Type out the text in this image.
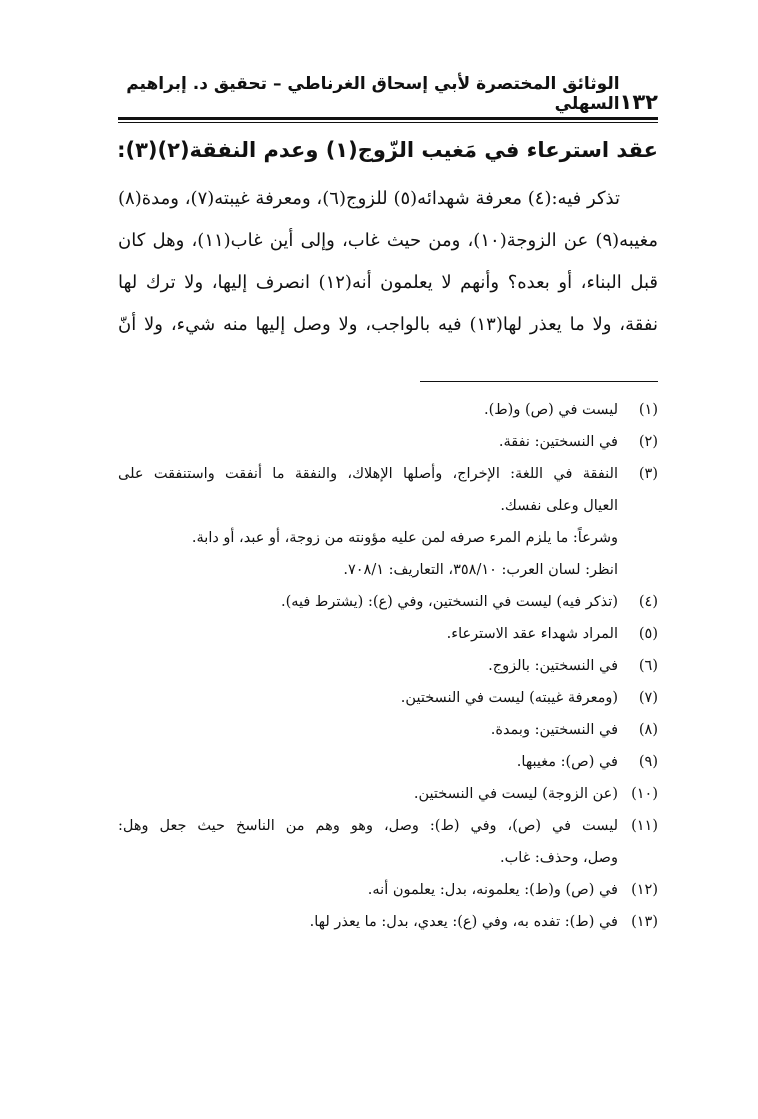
١٣٢
الوثائق المختصرة لأبي إسحاق الغرناطي – تحقيق د. إبراهيم السهلي
عقد استرعاء في مَغيب الزّوج(١) وعدم النفقة(٢)(٣):
تذكر فيه:(٤) معرفة شهدائه(٥) للزوج(٦)، ومعرفة غيبته(٧)، ومدة(٨)
مغيبه(٩) عن الزوجة(١٠)، ومن حيث غاب، وإلى أين غاب(١١)، وهل كان
قبل البناء، أو بعده؟ وأنهم لا يعلمون أنه(١٢) انصرف إليها، ولا ترك لها
نفقة، ولا ما يعذر لها(١٣) فيه بالواجب، ولا وصل إليها منه شيء، ولا أنّ
(١)
ليست في (ص) و(ط).
(٢)
في النسختين: نفقة.
(٣)
النفقة في اللغة: الإخراج، وأصلها الإهلاك، والنفقة ما أنفقت واستنفقت على
العيال وعلى نفسك.
وشرعاً: ما يلزم المرء صرفه لمن عليه مؤونته من زوجة، أو عبد، أو دابة.
انظر: لسان العرب: ٣٥٨/١٠، التعاريف: ٧٠٨/١.
(٤)
(تذكر فيه) ليست في النسختين، وفي (ع): (يشترط فيه).
(٥)
المراد شهداء عقد الاسترعاء.
(٦)
في النسختين: بالزوج.
(٧)
(ومعرفة غيبته) ليست في النسختين.
(٨)
في النسختين: وبمدة.
(٩)
في (ص): مغيبها.
(١٠)
(عن الزوجة) ليست في النسختين.
(١١)
ليست في (ص)، وفي (ط): وصل، وهو وهم من الناسخ حيث جعل وهل:
وصل، وحذف: غاب.
(١٢)
في (ص) و(ط): يعلمونه، بدل: يعلمون أنه.
(١٣)
في (ط): تفده به، وفي (ع): يعدي، بدل: ما يعذر لها.
